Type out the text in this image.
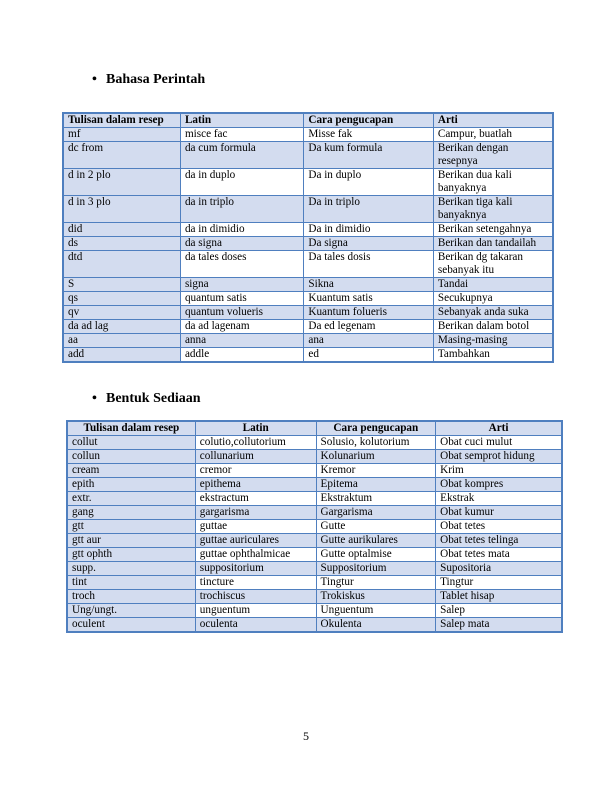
• Bahasa Perintah
Tulisan dalam resep	Latin	Cara pengucapan	Arti
mf	misce fac	Misse fak	Campur, buatlah
dc from	da cum formula	Da kum formula	Berikan dengan resepnya
d in 2 plo	da in duplo	Da in duplo	Berikan dua kali banyaknya
d in 3 plo	da in triplo	Da in triplo	Berikan tiga kali banyaknya
did	da in dimidio	Da in dimidio	Berikan setengahnya
ds	da signa	Da signa	Berikan dan tandailah
dtd	da tales doses	Da tales dosis	Berikan dg takaran sebanyak itu
S	signa	Sikna	Tandai
qs	quantum satis	Kuantum satis	Secukupnya
qv	quantum volueris	Kuantum folueris	Sebanyak anda suka
da ad lag	da ad lagenam	Da ed legenam	Berikan dalam botol
aa	anna	ana	Masing-masing
add	addle	ed	Tambahkan
• Bentuk Sediaan
Tulisan dalam resep	Latin	Cara pengucapan	Arti
collut	colutio,collutorium	Solusio, kolutorium	Obat cuci mulut
collun	collunarium	Kolunarium	Obat semprot hidung
cream	cremor	Kremor	Krim
epith	epithema	Epitema	Obat kompres
extr.	ekstractum	Ekstraktum	Ekstrak
gang	gargarisma	Gargarisma	Obat kumur
gtt	guttae	Gutte	Obat tetes
gtt aur	guttae auriculares	Gutte aurikulares	Obat tetes telinga
gtt ophth	guttae ophthalmicae	Gutte optalmise	Obat tetes mata
supp.	suppositorium	Suppositorium	Supositoria
tint	tincture	Tingtur	Tingtur
troch	trochiscus	Trokiskus	Tablet hisap
Ung/ungt.	unguentum	Unguentum	Salep
oculent	oculenta	Okulenta	Salep mata
5
